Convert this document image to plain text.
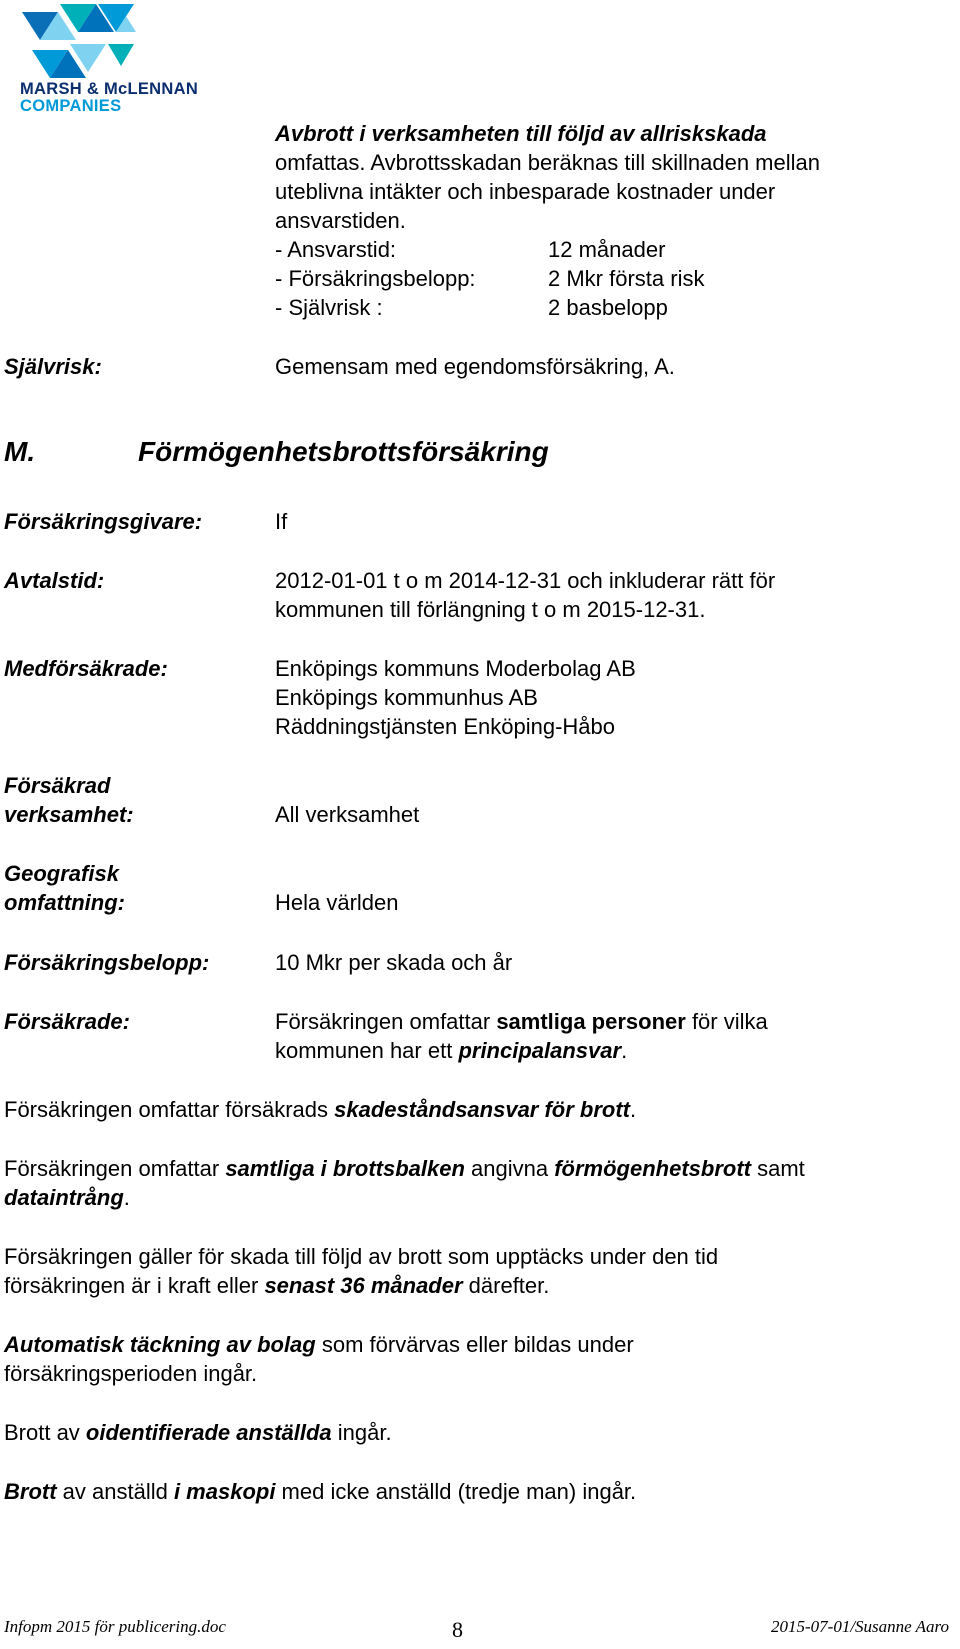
MARSH & McLENNAN
COMPANIES
Avbrott i verksamheten till följd av allriskskada
omfattas. Avbrottsskadan beräknas till skillnaden mellan
uteblivna intäkter och inbesparade kostnader under
ansvarstiden.
- Ansvarstid:	12 månader
- Försäkringsbelopp:	2 Mkr första risk
- Självrisk :	2 basbelopp
Självrisk:	Gemensam med egendomsförsäkring, A.
M.	Förmögenhetsbrottsförsäkring
Försäkringsgivare:	If
Avtalstid:	2012-01-01 t o m 2014-12-31 och inkluderar rätt för
kommunen till förlängning t o m 2015-12-31.
Medförsäkrade:	Enköpings kommuns Moderbolag AB
Enköpings kommunhus AB
Räddningstjänsten Enköping-Håbo
Försäkrad
verksamhet:	All verksamhet
Geografisk
omfattning:	Hela världen
Försäkringsbelopp:	10 Mkr per skada och år
Försäkrade:	Försäkringen omfattar samtliga personer för vilka
kommunen har ett principalansvar.
Försäkringen omfattar försäkrads skadeståndsansvar för brott.
Försäkringen omfattar samtliga i brottsbalken angivna förmögenhetsbrott samt
dataintrång.
Försäkringen gäller för skada till följd av brott som upptäcks under den tid
försäkringen är i kraft eller senast 36 månader därefter.
Automatisk täckning av bolag som förvärvas eller bildas under
försäkringsperioden ingår.
Brott av oidentifierade anställda ingår.
Brott av anställd i maskopi med icke anställd (tredje man) ingår.
Infopm 2015 för publicering.doc	8	2015-07-01/Susanne Aaro
